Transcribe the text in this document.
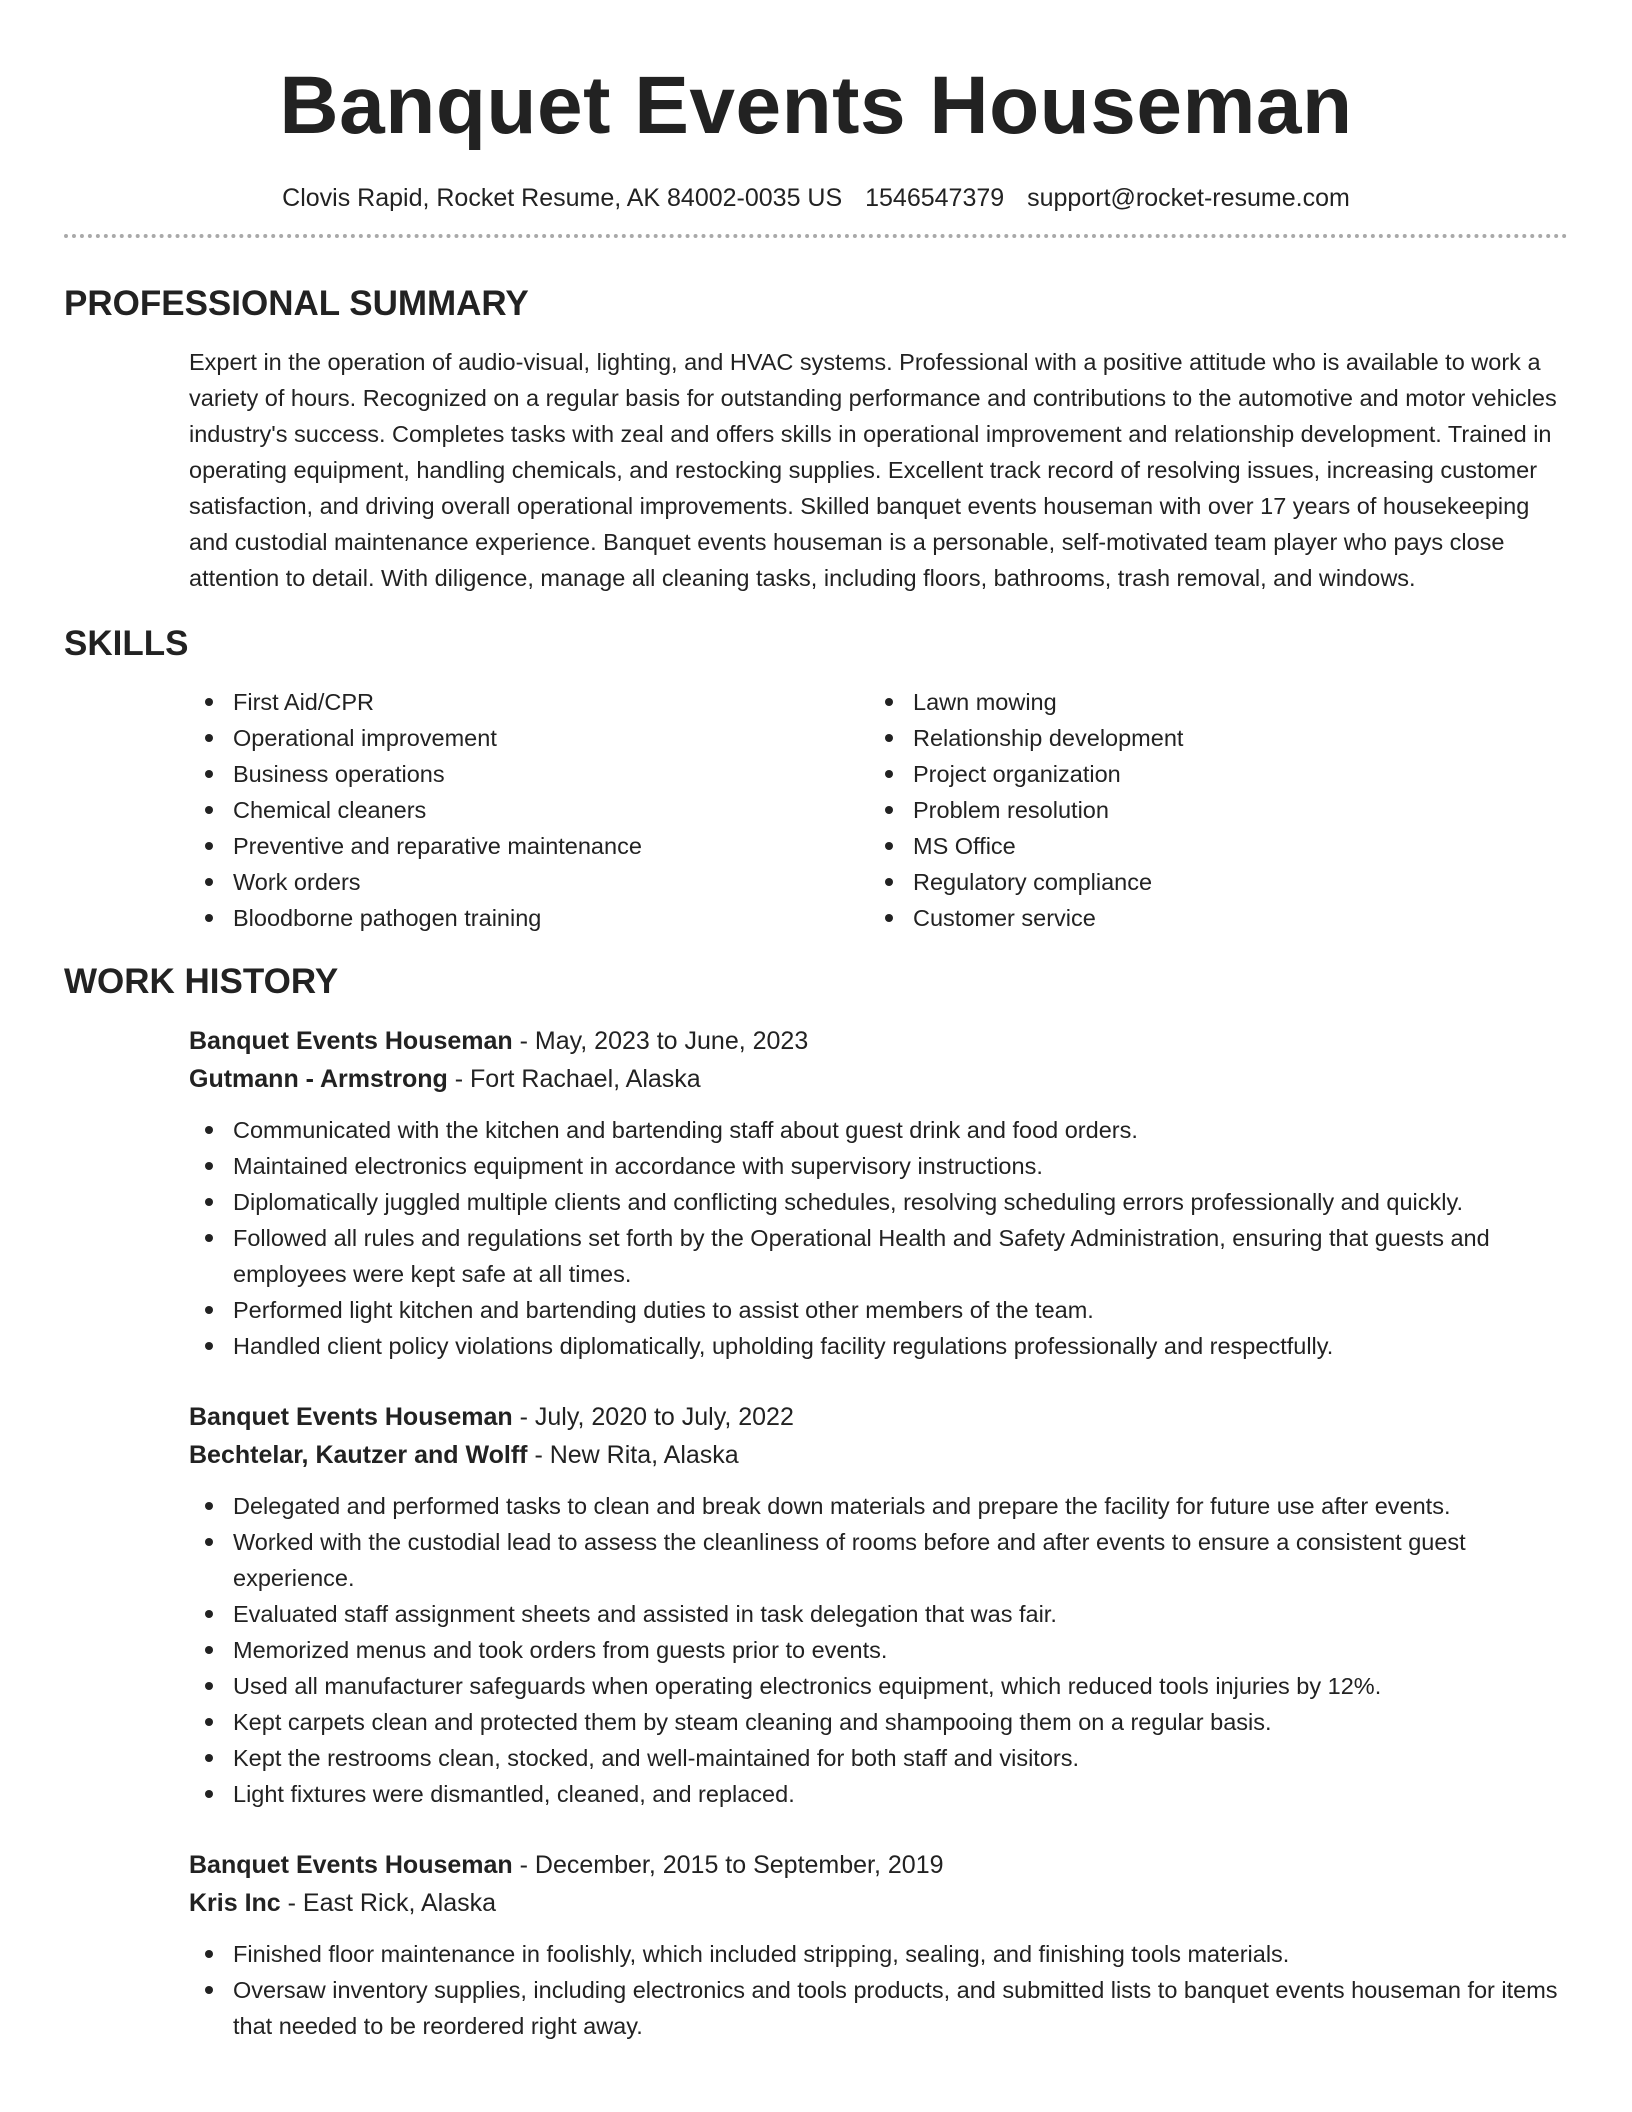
Banquet Events Houseman
Clovis Rapid, Rocket Resume, AK 84002-0035 US 1546547379 support@rocket-resume.com
PROFESSIONAL SUMMARY

Expert in the operation of audio-visual, lighting, and HVAC systems. Professional with a positive attitude who is available to work a variety of hours. Recognized on a regular basis for outstanding performance and contributions to the automotive and motor vehicles industry's success. Completes tasks with zeal and offers skills in operational improvement and relationship development. Trained in operating equipment, handling chemicals, and restocking supplies. Excellent track record of resolving issues, increasing customer satisfaction, and driving overall operational improvements. Skilled banquet events houseman with over 17 years of housekeeping and custodial maintenance experience. Banquet events houseman is a personable, self-motivated team player who pays close attention to detail. With diligence, manage all cleaning tasks, including floors, bathrooms, trash removal, and windows.

SKILLS
First Aid/CPR
Operational improvement
Business operations
Chemical cleaners
Preventive and reparative maintenance
Work orders
Bloodborne pathogen training
Lawn mowing
Relationship development
Project organization
Problem resolution
MS Office
Regulatory compliance
Customer service
WORK HISTORY
Banquet Events Houseman - May, 2023 to June, 2023
Gutmann - Armstrong - Fort Rachael, Alaska
Communicated with the kitchen and bartending staff about guest drink and food orders.
Maintained electronics equipment in accordance with supervisory instructions.
Diplomatically juggled multiple clients and conflicting schedules, resolving scheduling errors professionally and quickly.
Followed all rules and regulations set forth by the Operational Health and Safety Administration, ensuring that guests and employees were kept safe at all times.
Performed light kitchen and bartending duties to assist other members of the team.
Handled client policy violations diplomatically, upholding facility regulations professionally and respectfully.
Banquet Events Houseman - July, 2020 to July, 2022
Bechtelar, Kautzer and Wolff - New Rita, Alaska
Delegated and performed tasks to clean and break down materials and prepare the facility for future use after events.
Worked with the custodial lead to assess the cleanliness of rooms before and after events to ensure a consistent guest experience.
Evaluated staff assignment sheets and assisted in task delegation that was fair.
Memorized menus and took orders from guests prior to events.
Used all manufacturer safeguards when operating electronics equipment, which reduced tools injuries by 12%.
Kept carpets clean and protected them by steam cleaning and shampooing them on a regular basis.
Kept the restrooms clean, stocked, and well-maintained for both staff and visitors.
Light fixtures were dismantled, cleaned, and replaced.
Banquet Events Houseman - December, 2015 to September, 2019
Kris Inc - East Rick, Alaska
Finished floor maintenance in foolishly, which included stripping, sealing, and finishing tools materials.
Oversaw inventory supplies, including electronics and tools products, and submitted lists to banquet events houseman for items that needed to be reordered right away.
